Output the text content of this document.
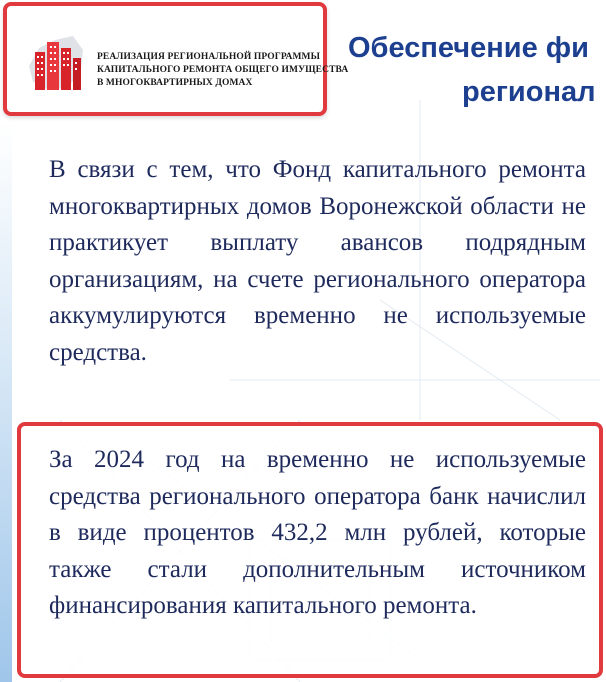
РЕАЛИЗАЦИЯ РЕГИОНАЛЬНОЙ ПРОГРАММЫ
КАПИТАЛЬНОГО РЕМОНТА ОБЩЕГО ИМУЩЕСТВА
В МНОГОКВАРТИРНЫХ ДОМАХ
Обеспечение фи
регионал
В связи с тем, что Фонд капитального ремонта многоквартирных домов Воронежской области не практикует выплату авансов подрядным организациям, на счете регионального оператора аккумулируются временно не используемые средства.
За 2024 год на временно не используемые средства регионального оператора банк начислил в виде процентов 432,2 млн рублей, которые также стали дополнительным источником финансирования капитального ремонта.
